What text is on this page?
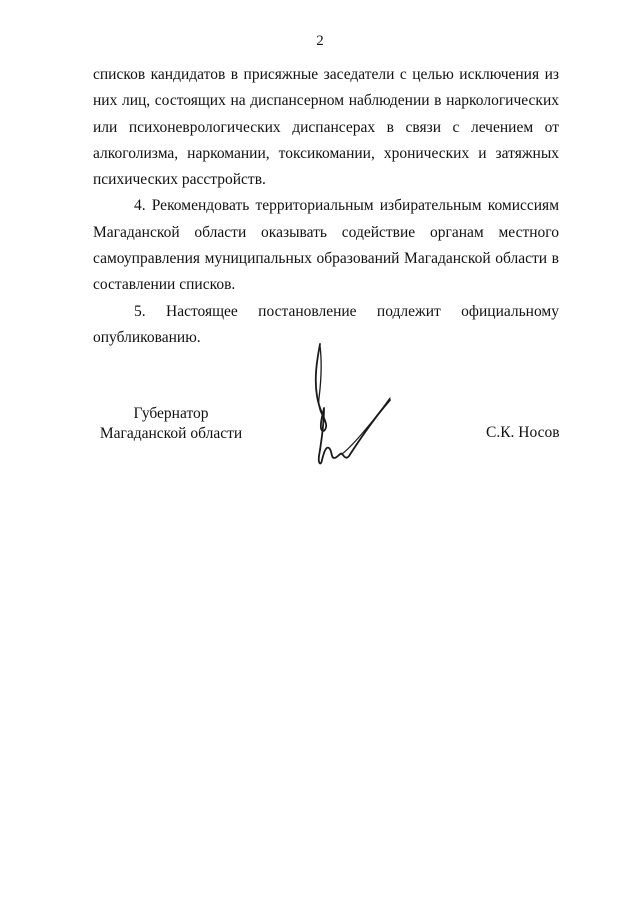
2

списков кандидатов в присяжные заседатели с целью исключения из них лиц, состоящих на диспансерном наблюдении в наркологических или психоневрологических диспансерах в связи с лечением от алкоголизма, наркомании, токсикомании, хронических и затяжных психических расстройств.

4. Рекомендовать территориальным избирательным комиссиям Магаданской области оказывать содействие органам местного самоуправления муниципальных образований Магаданской области в составлении списков.

5. Настоящее постановление подлежит официальному опубликованию.

Губернатор
Магаданской области	С.К. Носов
